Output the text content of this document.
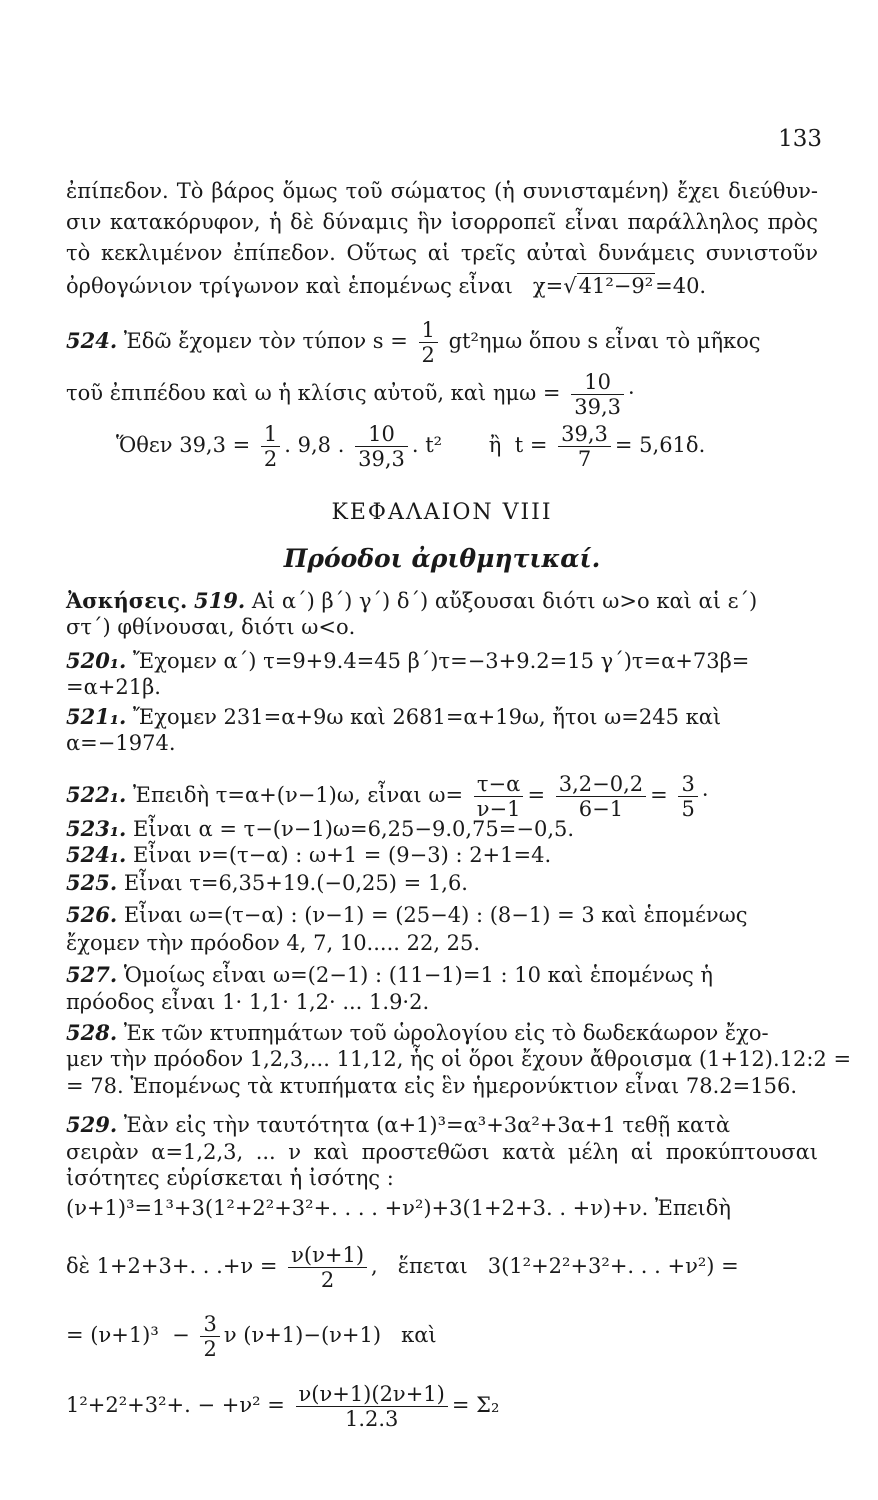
133
ἐπίπεδον. Τὸ βάρος ὅμως τοῦ σώματος (ἡ συνισταμένη) ἔχει διεύθυν-
σιν κατακόρυφον, ἡ δὲ δύναμις ἣν ἰσορροπεῖ εἶναι παράλληλος πρὸς
τὸ κεκλιμένον ἐπίπεδον. Οὕτως αἱ τρεῖς αὐταὶ δυνάμεις συνιστοῦν
ὀρθογώνιον τρίγωνον καὶ ἑπομένως εἶναι χ=√41²−9²=40.
524. Ἐδῶ ἔχομεν τὸν τύπον $s = \frac{1}{2} gt^2\eta\mu\omega$ ὅπου s εἶναι τὸ μῆκος
τοῦ ἐπιπέδου καὶ ω ἡ κλίσις αὐτοῦ, καὶ $\eta\mu\omega = \frac{10}{39,3}$ ·
Ὅθεν $39,3 = \frac{1}{2}$ . 9,8 . $\frac{10}{39,3}$ . t²       ἢ  $t = \frac{39,3}{7} = 5,61\delta$.
ΚΕΦΑΛΑΙΟΝ VIII
Πρόοδοι ἀριθμητικαί.
Ἀσκήσεις. 519. Αἱ α΄) β΄) γ΄) δ΄) αὔξουσαι διότι ω>ο καὶ αἱ ε΄)
στ΄) φθίνουσαι, διότι ω<ο.
520₁. Ἔχομεν α΄) τ=9+9.4=45 β΄)τ=−3+9.2=15 γ΄)τ=α+73β=
=α+21β.
521₁. Ἔχομεν 231=α+9ω καὶ 2681=α+19ω, ἤτοι ω=245 καὶ
α=−1974.
522₁. Ἐπειδὴ τ=α+(ν−1)ω, εἶναι $\omega= \frac{\tau-\alpha}{\nu-1} = \frac{3,2-0,2}{6-1} = \frac{3}{5}$ ·
523₁. Εἶναι α = τ−(ν−1)ω=6,25−9.0,75=−0,5.
524₁. Εἶναι ν=(τ−α) : ω+1 = (9−3) : 2+1=4.
525. Εἶναι τ=6,35+19.(−0,25) = 1,6.
526. Εἶναι ω=(τ−α) : (ν−1) = (25−4) : (8−1) = 3 καὶ ἑπομένως
ἔχομεν τὴν πρόοδον 4, 7, 10..... 22, 25.
527. Ὁμοίως εἶναι ω=(2−1) : (11−1)=1 : 10 καὶ ἑπομένως ἡ
πρόοδος εἶναι 1· 1,1· 1,2· ... 1.9·2.
528. Ἐκ τῶν κτυπημάτων τοῦ ὡρολογίου εἰς τὸ δωδεκάωρον ἔχο-
μεν τὴν πρόοδον 1,2,3,... 11,12, ἧς οἱ ὅροι ἔχουν ἄθροισμα (1+12).12:2 =
= 78. Ἑπομένως τὰ κτυπήματα εἰς ἓν ἡμερονύκτιον εἶναι 78.2=156.
529. Ἐὰν εἰς τὴν ταυτότητα (α+1)³=α³+3α²+3α+1 τεθῇ κατὰ
σειρὰν α=1,2,3, ... ν καὶ προστεθῶσι κατὰ μέλη αἱ προκύπτουσαι
ἰσότητες εὑρίσκεται ἡ ἰσότης :
(ν+1)³=1³+3(1²+2²+3²+. . . . +ν²)+3(1+2+3. . +ν)+ν. Ἐπειδὴ
δὲ 1+2+3+. . $.+\nu = \frac{\nu(\nu+1)}{2}$ ,   ἕπεται   3(1²+2²+3²+. . . +ν²) =
= $(\nu+1)^3 - \frac{3}{2}$ ν (ν+1)−(ν+1)   καὶ
1²+2²+3²+. − $+\nu^2 = \frac{\nu(\nu+1)(2\nu+1)}{1.2.3} = \Sigma_2$
